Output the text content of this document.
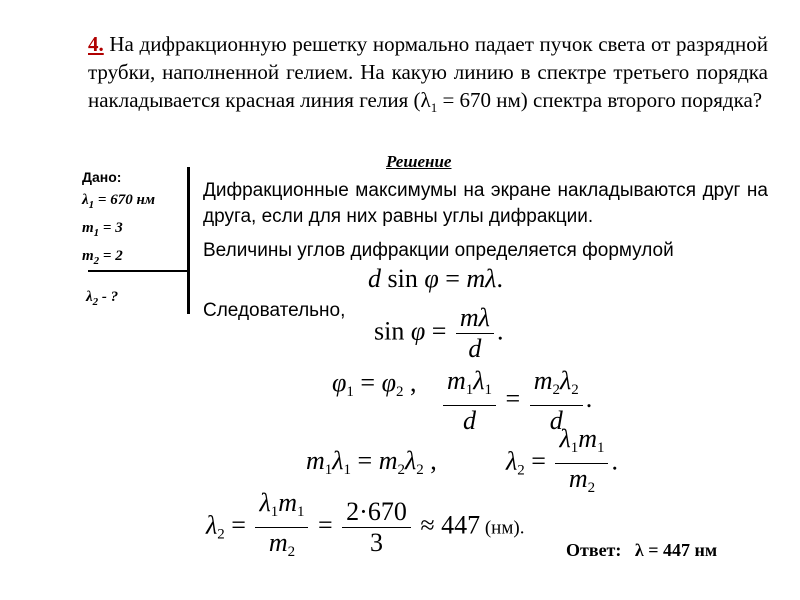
4. На дифракционную решетку нормально падает пучок света от разрядной трубки, наполненной гелием. На какую линию в спектре третьего порядка накладывается красная линия гелия ($\lambda_1 = 670$ нм) спектра второго порядка?
Дано:
$\lambda_1 = 670$ нм
$m_1 = 3$
$m_2 = 2$
$\lambda_2$ - ?
Решение
Дифракционные максимумы на экране накладываются друг на друга, если для них равны углы дифракции.
Величины углов дифракции определяется формулой
d sin φ = mλ.
Следовательно,
$\sin \varphi = \frac{m\lambda}{d}$ .
$\varphi_1 = \varphi_2$ , $\frac{m_1\lambda_1}{d} = \frac{m_2\lambda_2}{d}$ .
$m_1\lambda_1 = m_2\lambda_2$ ,	$\lambda_2 = \frac{\lambda_1m_1}{m_2}$ .
$\lambda_2 = \frac{\lambda_1m_1}{m_2} = \frac{2\cdot 670}{3} \approx 447$ (нм).
Ответ: λ = 447 нм
